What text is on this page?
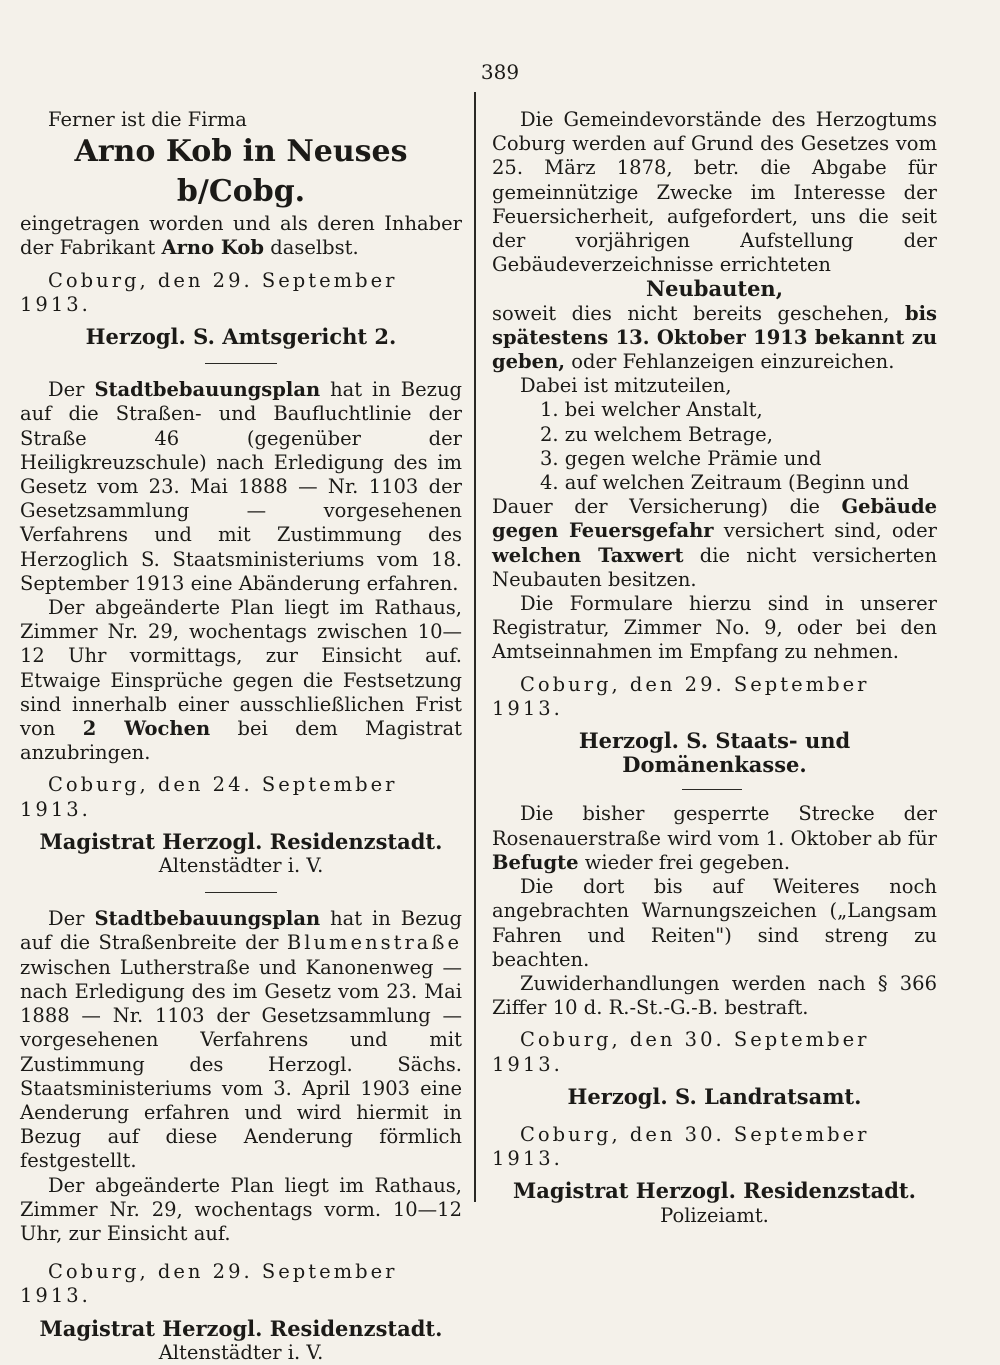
389

Ferner ist die Firma

Arno Kob in Neuses b/Cobg.

eingetragen worden und als deren Inhaber der Fabrikant Arno Kob daselbst.

Coburg, den 29. September 1913.

Herzogl. S. Amtsgericht 2.

Der Stadtbebauungsplan hat in Bezug auf die Straßen- und Baufluchtlinie der Straße 46 (gegenüber der Heiligkreuzschule) nach Erledigung des im Gesetz vom 23. Mai 1888 — Nr. 1103 der Gesetzsammlung — vorgesehenen Verfahrens und mit Zustimmung des Herzoglich S. Staatsministeriums vom 18. September 1913 eine Abänderung erfahren.

Der abgeänderte Plan liegt im Rathaus, Zimmer Nr. 29, wochentags zwischen 10—12 Uhr vormittags, zur Einsicht auf. Etwaige Einsprüche gegen die Festsetzung sind innerhalb einer ausschließlichen Frist von 2 Wochen bei dem Magistrat anzubringen.

Coburg, den 24. September 1913.

Magistrat Herzogl. Residenzstadt.

Altenstädter i. V.

Der Stadtbebauungsplan hat in Bezug auf die Straßenbreite der Blumenstraße zwischen Lutherstraße und Kanonenweg — nach Erledigung des im Gesetz vom 23. Mai 1888 — Nr. 1103 der Gesetzsammlung — vorgesehenen Verfahrens und mit Zustimmung des Herzogl. Sächs. Staatsministeriums vom 3. April 1903 eine Aenderung erfahren und wird hiermit in Bezug auf diese Aenderung förmlich festgestellt.

Der abgeänderte Plan liegt im Rathaus, Zimmer Nr. 29, wochentags vorm. 10—12 Uhr, zur Einsicht auf.

Coburg, den 29. September 1913.

Magistrat Herzogl. Residenzstadt.

Altenstädter i. V.

Die Gemeindevorstände des Herzogtums Coburg werden auf Grund des Gesetzes vom 25. März 1878, betr. die Abgabe für gemeinnützige Zwecke im Interesse der Feuersicherheit, aufgefordert, uns die seit der vorjährigen Aufstellung der Gebäudeverzeichnisse errichteten

Neubauten,

soweit dies nicht bereits geschehen, bis spätestens 13. Oktober 1913 bekannt zu geben, oder Fehlanzeigen einzureichen.

Dabei ist mitzuteilen,

1. bei welcher Anstalt,

2. zu welchem Betrage,

3. gegen welche Prämie und

4. auf welchen Zeitraum (Beginn und

Dauer der Versicherung) die Gebäude gegen Feuersgefahr versichert sind, oder welchen Taxwert die nicht versicherten Neubauten besitzen.

Die Formulare hierzu sind in unserer Registratur, Zimmer No. 9, oder bei den Amtseinnahmen im Empfang zu nehmen.

Coburg, den 29. September 1913.

Herzogl. S. Staats- und Domänenkasse.

Die bisher gesperrte Strecke der Rosenauerstraße wird vom 1. Oktober ab für Befugte wieder frei gegeben.

Die dort bis auf Weiteres noch angebrachten Warnungszeichen („Langsam Fahren und Reiten") sind streng zu beachten.

Zuwiderhandlungen werden nach § 366 Ziffer 10 d. R.-St.-G.-B. bestraft.

Coburg, den 30. September 1913.

Herzogl. S. Landratsamt.

Coburg, den 30. September 1913.

Magistrat Herzogl. Residenzstadt.

Polizeiamt.
